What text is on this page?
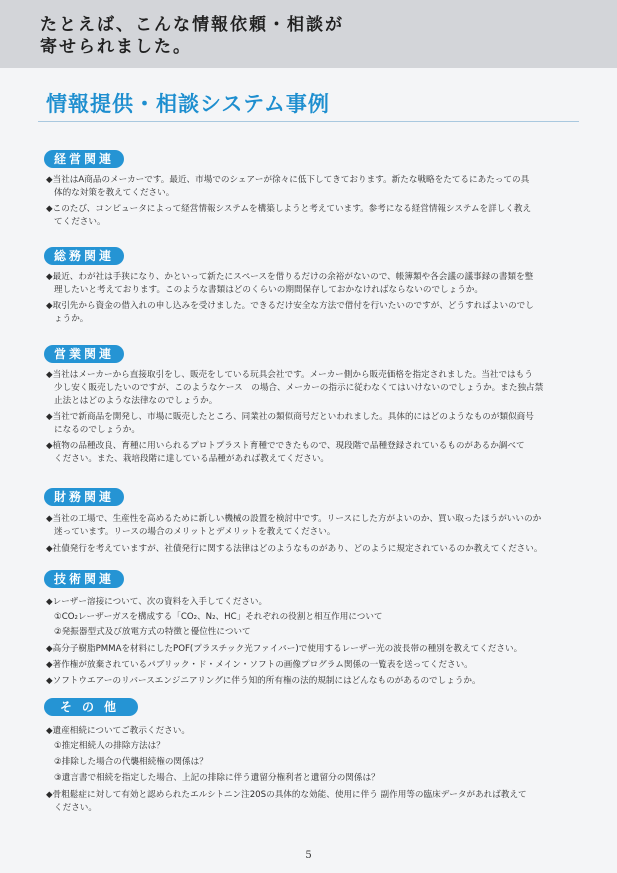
たとえば、こんな情報依頼・相談が
寄せられました。
情報提供・相談システム事例
経営関連
◆当社はA商品のメーカーです。最近、市場でのシェアーが徐々に低下してきております。新たな戦略をたてるにあたっての具
体的な対策を教えてください。
◆このたび、コンピュータによって経営情報システムを構築しようと考えています。参考になる経営情報システムを詳しく教え
てください。
総務関連
◆最近、わが社は手狭になり、かといって新たにスペースを借りるだけの余裕がないので、帳簿類や各会議の議事録の書類を整
理したいと考えております。このような書類はどのくらいの期間保存しておかなければならないのでしょうか。
◆取引先から資金の借入れの申し込みを受けました。できるだけ安全な方法で借付を行いたいのですが、どうすればよいのでし
ょうか。
営業関連
◆当社はメーカーから直接取引をし、販売をしている玩具会社です。メーカー側から販売価格を指定されました。当社ではもう
少し安く販売したいのですが、このようなケース　の場合、メーカーの指示に従わなくてはいけないのでしょうか。また独占禁
止法とはどのような法律なのでしょうか。
◆当社で新商品を開発し、市場に販売したところ、同業社の類似商号だといわれました。具体的にはどのようなものが類似商号
になるのでしょうか。
◆植物の品種改良、育種に用いられるプロトプラスト育種でできたもので、現段階で品種登録されているものがあるか調べて
ください。また、栽培段階に達している品種があれば教えてください。
財務関連
◆当社の工場で、生産性を高めるために新しい機械の設置を検討中です。リースにした方がよいのか、買い取ったほうがいいのか
迷っています。リースの場合のメリットとデメリットを教えてください。
◆社債発行を考えていますが、社債発行に関する法律はどのようなものがあり、どのように規定されているのか教えてください。
技術関連
◆レーザー溶接について、次の資料を入手してください。
①CO₂レーザーガスを構成する「CO₂、N₂、HC」それぞれの役割と相互作用について
②発振器型式及び放電方式の特徴と優位性について
◆高分子樹脂PMMAを材料にしたPOF(プラスチック光ファイバー)で使用するレーザー光の波長帯の種別を教えてください。
◆著作権が放棄されているパブリック・ド・メイン・ソフトの画像プログラム関係の一覧表を送ってください。
◆ソフトウエアーのリバースエンジニアリングに伴う知的所有権の法的規制にはどんなものがあるのでしょうか。
その他
◆遺産相続についてご教示ください。
①推定相続人の排除方法は？
②排除した場合の代襲相続権の関係は？
③遺言書で相続を指定した場合、上記の排除に伴う遺留分権利者と遺留分の関係は？
◆骨粗鬆症に対して有効と認められたエルシトニン注20Sの具体的な効能、使用に伴う 副作用等の臨床データがあれば教えて
ください。
5
